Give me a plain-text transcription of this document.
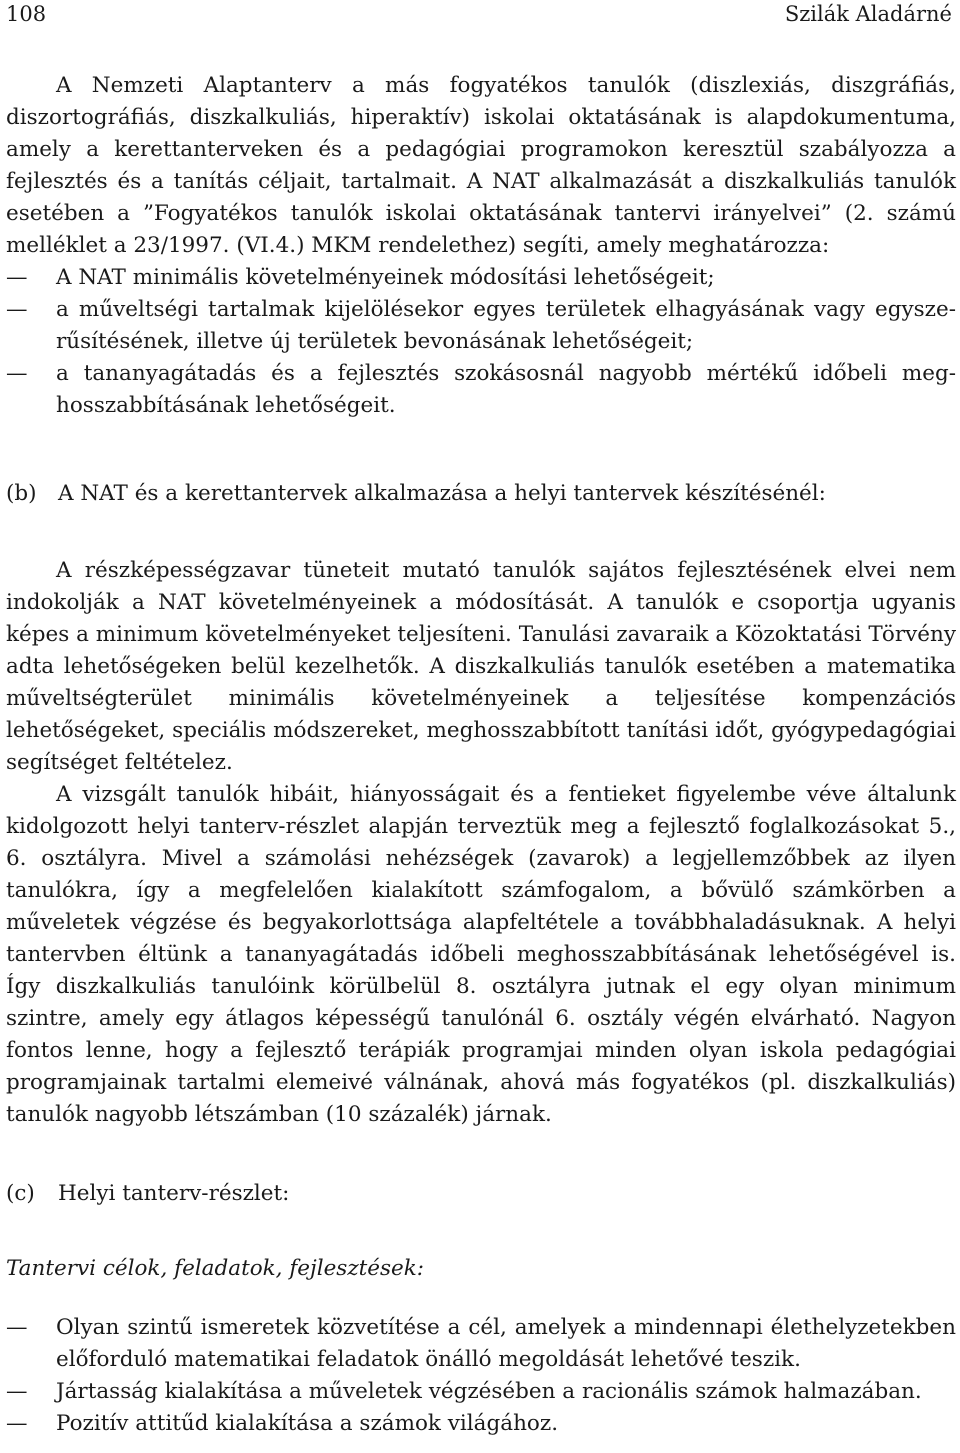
108	Szilák Aladárné

A Nemzeti Alaptanterv a más fogyatékos tanulók (diszlexiás, diszgráfiás, diszortográfiás, diszkalkuliás, hiperaktív) iskolai oktatásának is alapdokumentuma, amely a kerettanterveken és a pedagógiai programokon keresztül szabályozza a fejlesztés és a tanítás céljait, tartalmait. A NAT alkalmazását a diszkalkuliás tanulók esetében a ”Fogyatékos tanulók iskolai oktatásának tantervi irányelvei” (2. számú melléklet a 23/1997. (VI.4.) MKM rendelethez) segíti, amely meghatározza:

—	A NAT minimális követelményeinek módosítási lehetőségeit;
—	a műveltségi tartalmak kijelölésekor egyes területek elhagyásának vagy egyszerűsítésének, illetve új területek bevonásának lehetőségeit;
—	a tananyagátadás és a fejlesztés szokásosnál nagyobb mértékű időbeli meghosszabbításának lehetőségeit.
(b) A NAT és a kerettantervek alkalmazása a helyi tantervek készítésénél:

A részképességzavar tüneteit mutató tanulók sajátos fejlesztésének elvei nem indokolják a NAT követelményeinek a módosítását. A tanulók e csoportja ugyanis képes a minimum követelményeket teljesíteni. Tanulási zavaraik a Közoktatási Törvény adta lehetőségeken belül kezelhetők. A diszkalkuliás tanulók esetében a matematika műveltségterület minimális követelményeinek a teljesítése kompenzációs lehetőségeket, speciális módszereket, meghosszabbított tanítási időt, gyógypedagógiai segítséget feltételez.

A vizsgált tanulók hibáit, hiányosságait és a fentieket figyelembe véve általunk kidolgozott helyi tanterv-részlet alapján terveztük meg a fejlesztő foglalkozásokat 5., 6. osztályra. Mivel a számolási nehézségek (zavarok) a legjellemzőbbek az ilyen tanulókra, így a megfelelően kialakított számfogalom, a bővülő számkörben a műveletek végzése és begyakorlottsága alapfeltétele a továbbhaladásuknak. A helyi tantervben éltünk a tananyagátadás időbeli meghosszabbításának lehetőségével is. Így diszkalkuliás tanulóink körülbelül 8. osztályra jutnak el egy olyan minimum szintre, amely egy átlagos képességű tanulónál 6. osztály végén elvárható. Nagyon fontos lenne, hogy a fejlesztő terápiák programjai minden olyan iskola pedagógiai programjainak tartalmi elemeivé válnának, ahová más fogyatékos (pl. diszkalkuliás) tanulók nagyobb létszámban (10 százalék) járnak.

(c) Helyi tanterv-részlet:
Tantervi célok, feladatok, fejlesztések:
—	Olyan szintű ismeretek közvetítése a cél, amelyek a mindennapi élethelyzetekben előforduló matematikai feladatok önálló megoldását lehetővé teszik.
—	Jártasság kialakítása a műveletek végzésében a racionális számok halmazában.
—	Pozitív attitűd kialakítása a számok világához.
